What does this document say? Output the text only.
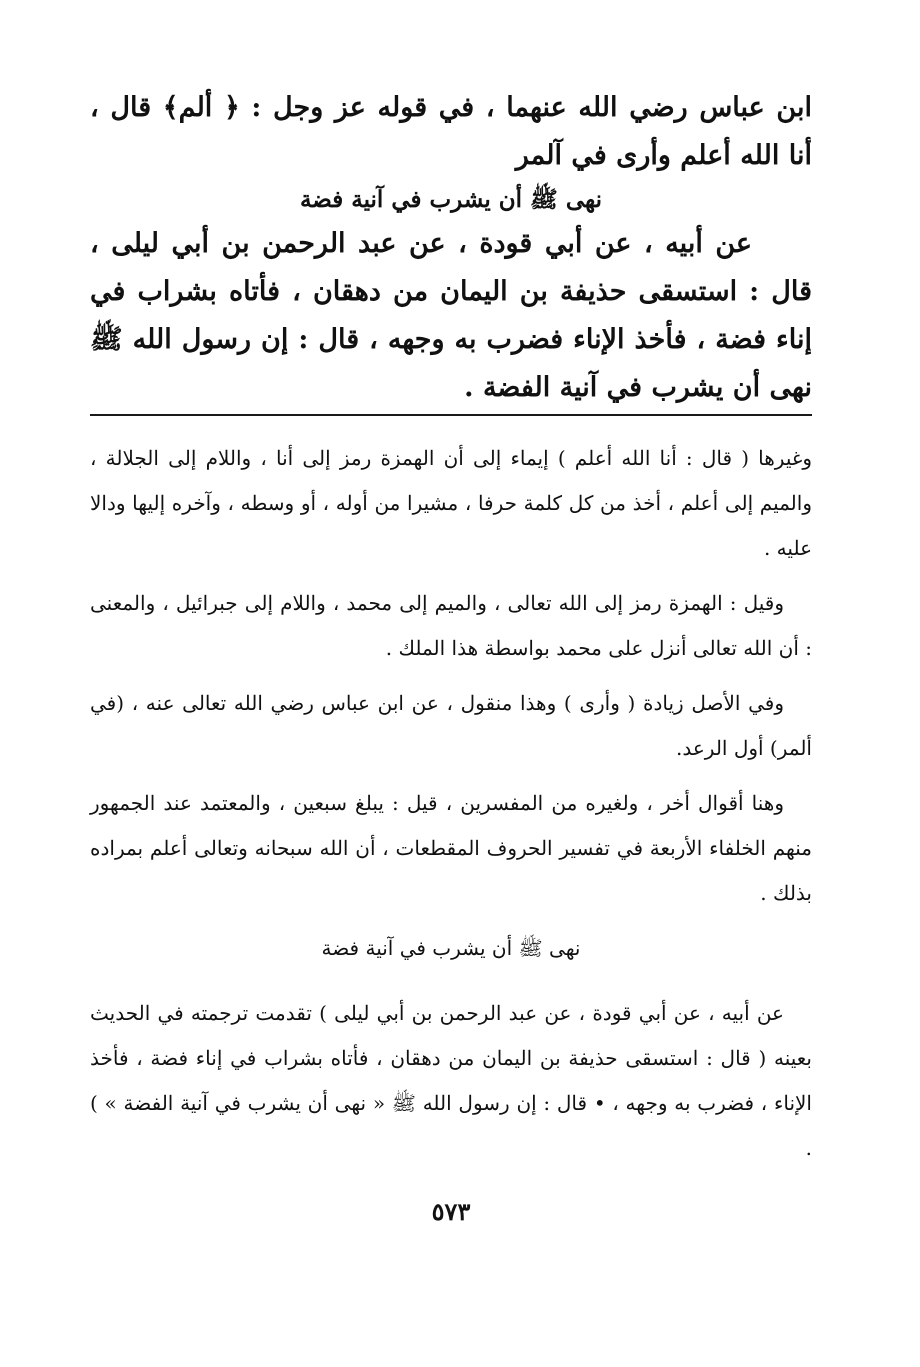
ابن عباس رضي الله عنهما ، في قوله عز وجل : ﴿ ألم﴾ قال ، أنا الله أعلم وأرى في آلمر

نهى ﷺ أن يشرب في آنية فضة

عن أبيه ، عن أبي قودة ، عن عبد الرحمن بن أبي ليلى ، قال : استسقى حذيفة بن اليمان من دهقان ، فأتاه بشراب في إناء فضة ، فأخذ الإناء فضرب به وجهه ، قال : إن رسول الله ﷺ نهى أن يشرب في آنية الفضة .

وغيرها ( قال : أنا الله أعلم ) إيماء إلى أن الهمزة رمز إلى أنا ، واللام إلى الجلالة ، والميم إلى أعلم ، أخذ من كل كلمة حرفا ، مشيرا من أوله ، أو وسطه ، وآخره إليها ودالا عليه .

وقيل : الهمزة رمز إلى الله تعالى ، والميم إلى محمد ، واللام إلى جبرائيل ، والمعنى : أن الله تعالى أنزل على محمد بواسطة هذا الملك .

وفي الأصل زيادة ( وأرى ) وهذا منقول ، عن ابن عباس رضي الله تعالى عنه ، (في ألمر) أول الرعد.

وهنا أقوال أخر ، ولغيره من المفسرين ، قيل : يبلغ سبعين ، والمعتمد عند الجمهور منهم الخلفاء الأربعة في تفسير الحروف المقطعات ، أن الله سبحانه وتعالى أعلم بمراده بذلك .

نهى ﷺ أن يشرب في آنية فضة

عن أبيه ، عن أبي قودة ، عن عبد الرحمن بن أبي ليلى ) تقدمت ترجمته في الحديث بعينه ( قال : استسقى حذيفة بن اليمان من دهقان ، فأتاه بشراب في إناء فضة ، فأخذ الإناء ، فضرب به وجهه ، • قال : إن رسول الله ﷺ « نهى أن يشرب في آنية الفضة » ) .

٥٧٣
